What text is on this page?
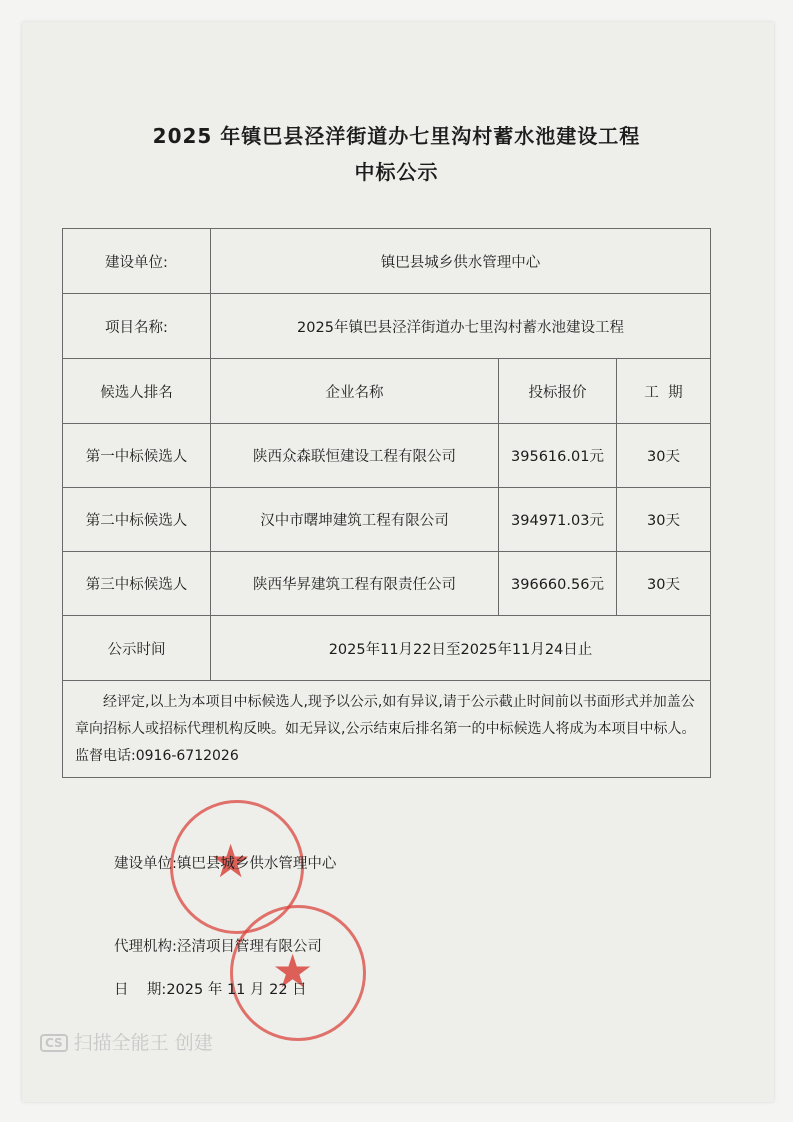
2025 年镇巴县泾洋街道办七里沟村蓄水池建设工程
中标公示
建设单位:	镇巴县城乡供水管理中心		
项目名称:	2025年镇巴县泾洋街道办七里沟村蓄水池建设工程		
候选人排名	企业名称	投标报价	工  期
第一中标候选人	陕西众森联恒建设工程有限公司	395616.01元	30天
第二中标候选人	汉中市曙坤建筑工程有限公司	394971.03元	30天
第三中标候选人	陕西华昇建筑工程有限责任公司	396660.56元	30天
公示时间	2025年11月22日至2025年11月24日止		
经评定,以上为本项目中标候选人,现予以公示,如有异议,请于公示截止时间前以书面形式并加盖公章向招标人或招标代理机构反映。如无异议,公示结束后排名第一的中标候选人将成为本项目中标人。监督电话:0916-6712026			
★
★
建设单位:镇巴县城乡供水管理中心
代理机构:泾清项目管理有限公司
日    期:2025 年 11 月 22 日
CS 扫描全能王 创建
